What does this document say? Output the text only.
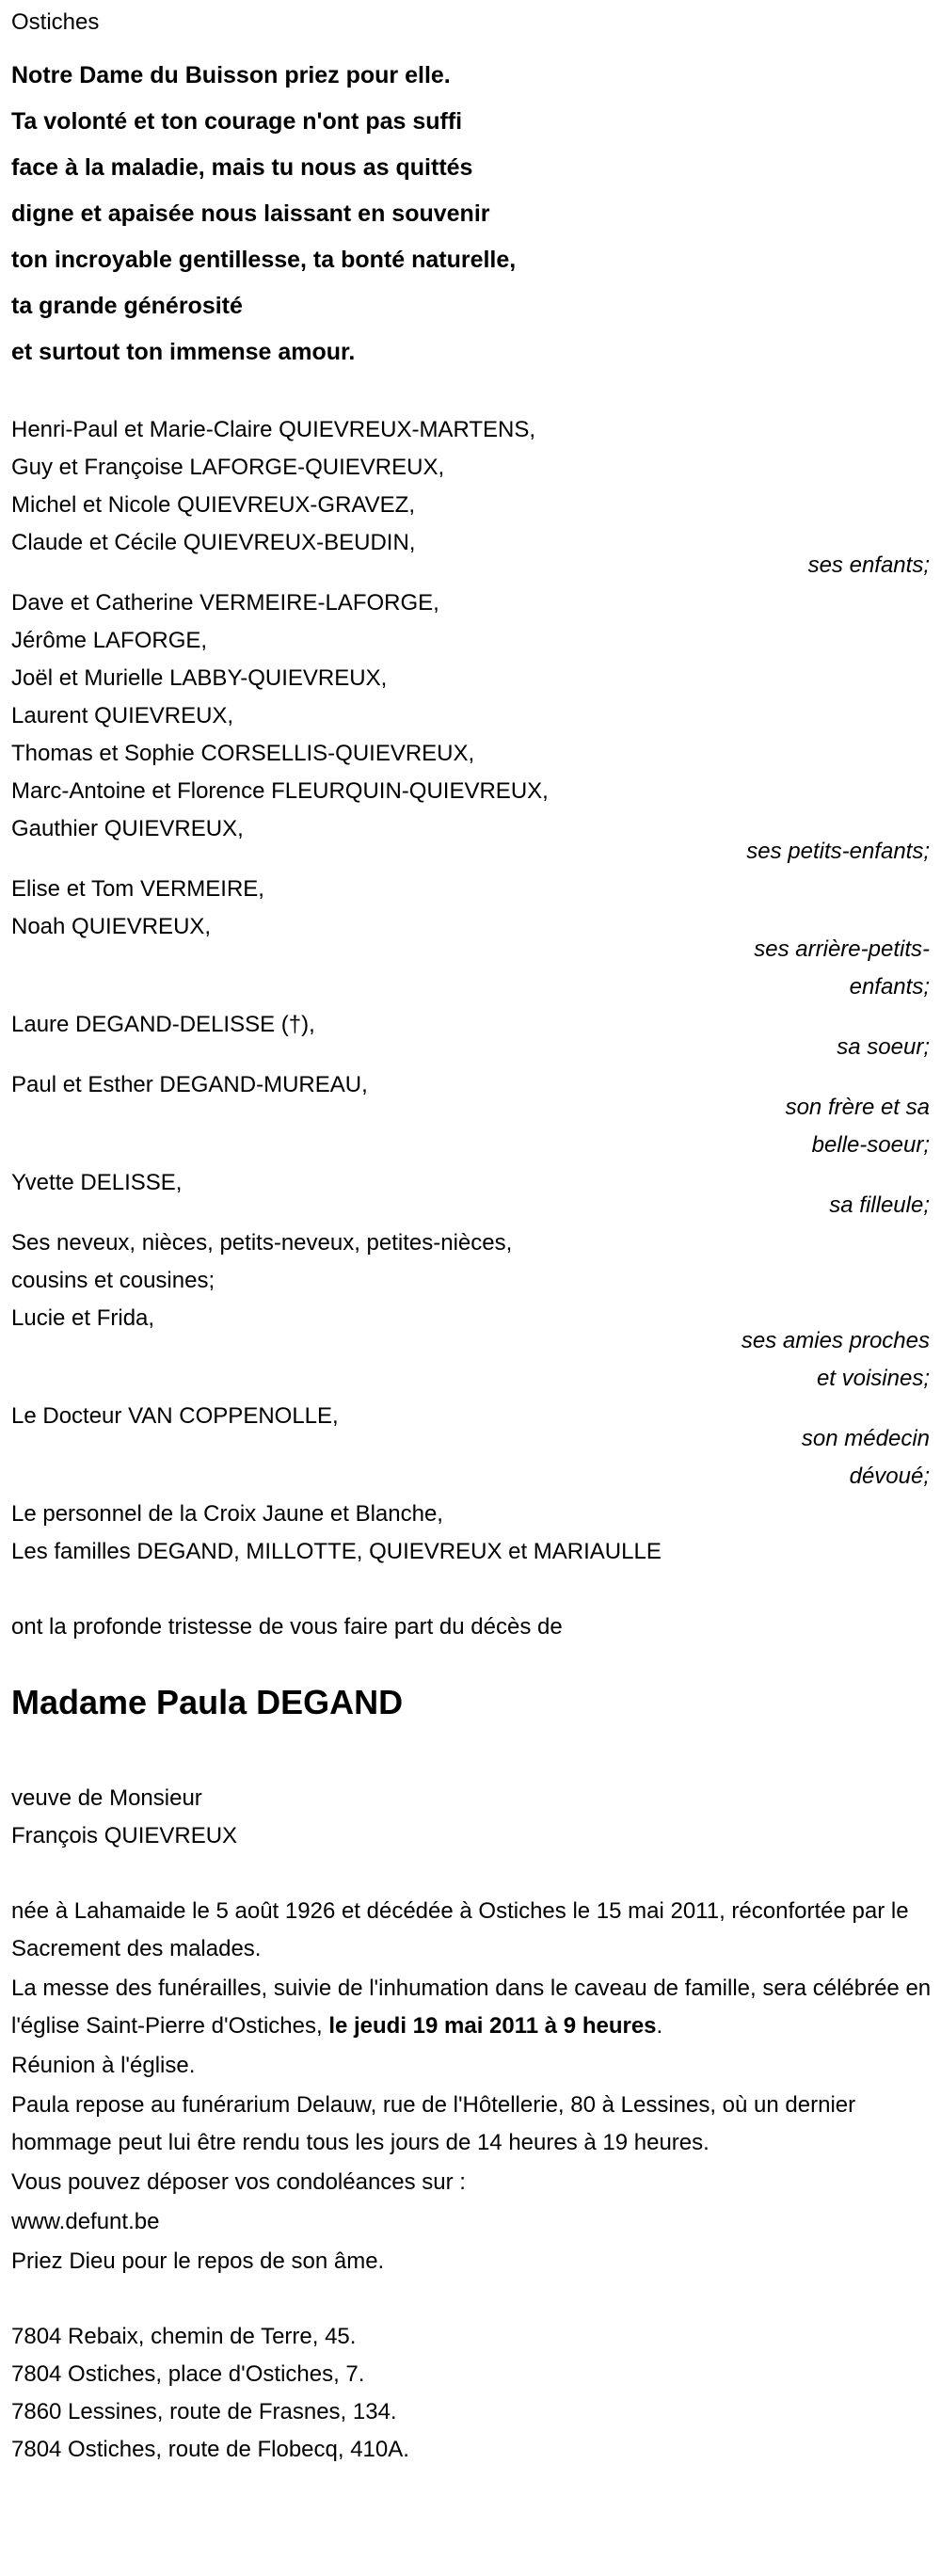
Ostiches
Notre Dame du Buisson priez pour elle.
Ta volonté et ton courage n'ont pas suffi
face à la maladie, mais tu nous as quittés
digne et apaisée nous laissant en souvenir
ton incroyable gentillesse, ta bonté naturelle,
ta grande générosité
et surtout ton immense amour.
Henri-Paul et Marie-Claire QUIEVREUX-MARTENS,
Guy et Françoise LAFORGE-QUIEVREUX,
Michel et Nicole QUIEVREUX-GRAVEZ,
Claude et Cécile QUIEVREUX-BEUDIN,
ses enfants;
Dave et Catherine VERMEIRE-LAFORGE,
Jérôme LAFORGE,
Joël et Murielle LABBY-QUIEVREUX,
Laurent QUIEVREUX,
Thomas et Sophie CORSELLIS-QUIEVREUX,
Marc-Antoine et Florence FLEURQUIN-QUIEVREUX,
Gauthier QUIEVREUX,
ses petits-enfants;
Elise et Tom VERMEIRE,
Noah QUIEVREUX,
ses arrière-petits-
enfants;
Laure DEGAND-DELISSE (†),
sa soeur;
Paul et Esther DEGAND-MUREAU,
son frère et sa
belle-soeur;
Yvette DELISSE,
sa filleule;
Ses neveux, nièces, petits-neveux, petites-nièces,
cousins et cousines;
Lucie et Frida,
ses amies proches
et voisines;
Le Docteur VAN COPPENOLLE,
son médecin
dévoué;
Le personnel de la Croix Jaune et Blanche,
Les familles DEGAND, MILLOTTE, QUIEVREUX et MARIAULLE
ont la profonde tristesse de vous faire part du décès de
Madame Paula DEGAND
veuve de Monsieur
François QUIEVREUX

née à Lahamaide le 5 août 1926 et décédée à Ostiches le 15 mai 2011, réconfortée par le Sacrement des malades.

La messe des funérailles, suivie de l'inhumation dans le caveau de famille, sera célébrée en l'église Saint-Pierre d'Ostiches, le jeudi 19 mai 2011 à 9 heures.

Réunion à l'église.

Paula repose au funérarium Delauw, rue de l'Hôtellerie, 80 à Lessines, où un dernier hommage peut lui être rendu tous les jours de 14 heures à 19 heures.

Vous pouvez déposer vos condoléances sur :

www.defunt.be

Priez Dieu pour le repos de son âme.

7804 Rebaix, chemin de Terre, 45.
7804 Ostiches, place d'Ostiches, 7.
7860 Lessines, route de Frasnes, 134.
7804 Ostiches, route de Flobecq, 410A.
